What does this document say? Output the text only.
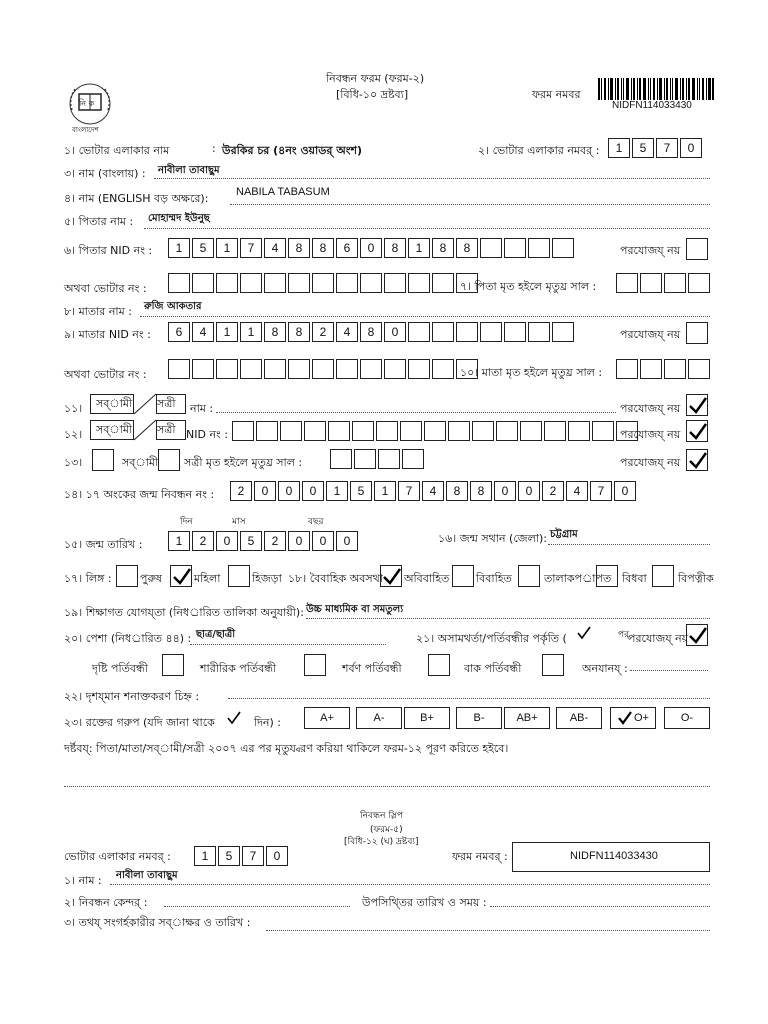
নি ক
বাংলাদেশ
নিবন্ধন ফরম (ফরম-২)
[বিধি-১০ দ্রষ্টব্য]	ফরম নমবর
NIDFN114033430
১। ভোটার এলাকার নাম	: উরকির চর (৪নং ওয়াডর্ অংশ)	২। ভোটার এলাকার নমবর্ :	1	5	7	0
৩। নাম (বাংলায়) : নাবীলা তাবাছুম
৪। নাম (ENGLISH বড় অক্ষরে):	NABILA TABASUM
৫। পিতার নাম : মোহাম্মদ ইউনুছ
৬। পিতার NID নং :	1	5	1	7	4	8	8	6	0	8	1	8	8	পরযোজয্ নয়
অথবা ভোটার নং :	৭। পিতা মৃত হইলে মৃতুয্র সাল :
৮। মাতার নাম : রুজি আকতার
৯। মাতার NID নং :	6	4	1	1	8	8	2	4	8	0	পরযোজয্ নয়
অথবা ভোটার নং :	১০। মাতা মৃত হইলে মৃতুয্র সাল :
১১। সব্ামী সত্রী নাম :	পরযোজয্ নয়
১২। সব্ামী সত্রী NID নং :	পরযোজয্ নয়
১৩।	সব্ামী সত্রী মৃত হইলে মৃতুয্র সাল :	পরযোজয্ নয়
১৪। ১৭ অংকের জন্ম নিবন্ধন নং :	2	0	0	0	1	5	1	7	4	8	8	0	0	2	4	7	0
দিন	মাস	বছর
১৫। জন্ম তারিখ :	1	2	0	5	2	0	0	0	১৬। জন্ম সথান (জেলা): চট্টগ্রাম
১৭। লিঙ্গ :	পুরুষ	মহিলা	হিজড়া ১৮। বৈবাহিক অবসথা অবিবাহিত বিবাহিত	তালাকপর্াপত বিধবা	বিপত্নীক
১৯। শিক্ষাগত যোগয্তা (নিধর্ারিত তালিকা অনুযায়ী): উচ্চ মাধ্যমিক বা সমতুল্য
২০। পেশা (নিধর্ারিত ৪৪) : ছাত্র/ছাত্রী	২১। অসামথর্তা/পর্তিবন্ধীর পর্কৃতি (	পর্
পরযোজয্ নয়
দৃষ্টি পর্তিবন্ধী	শারীরিক পর্তিবন্ধী	শর্বণ পর্তিবন্ধী	বাক পর্তিবন্ধী	অনযানয্ :
২২। দৃশয্মান শনাক্তকরণ চিহ্ন :
২৩। রক্তের গরুপ (যদি জানা থাকে	দিন) :	A+	A-	B+	B-	AB+	AB-	O+	O-
দর্ষ্টবয্: পিতা/মাতা/সব্ামী/সত্রী ২০০৭ এর পর মৃতুয্বরণ করিয়া থাকিলে ফরম-১২ পূরণ করিতে হইবে।
নিবন্ধন স্লিপ
(ফরম-৫)
[বিধি-১২ (ঘ) দ্রষ্টব্য]
ভোটার এলাকার নমবর্ :	1	5	7	0	ফরম নমবর্ :	NIDFN114033430
১। নাম : নাবীলা তাবাছুম
২। নিবন্ধন কেন্দর্ :	উপসিথ্তির তারিখ ও সময় :
৩। তথয্ সংগর্হকারীর সব্াক্ষর ও তারিখ :
